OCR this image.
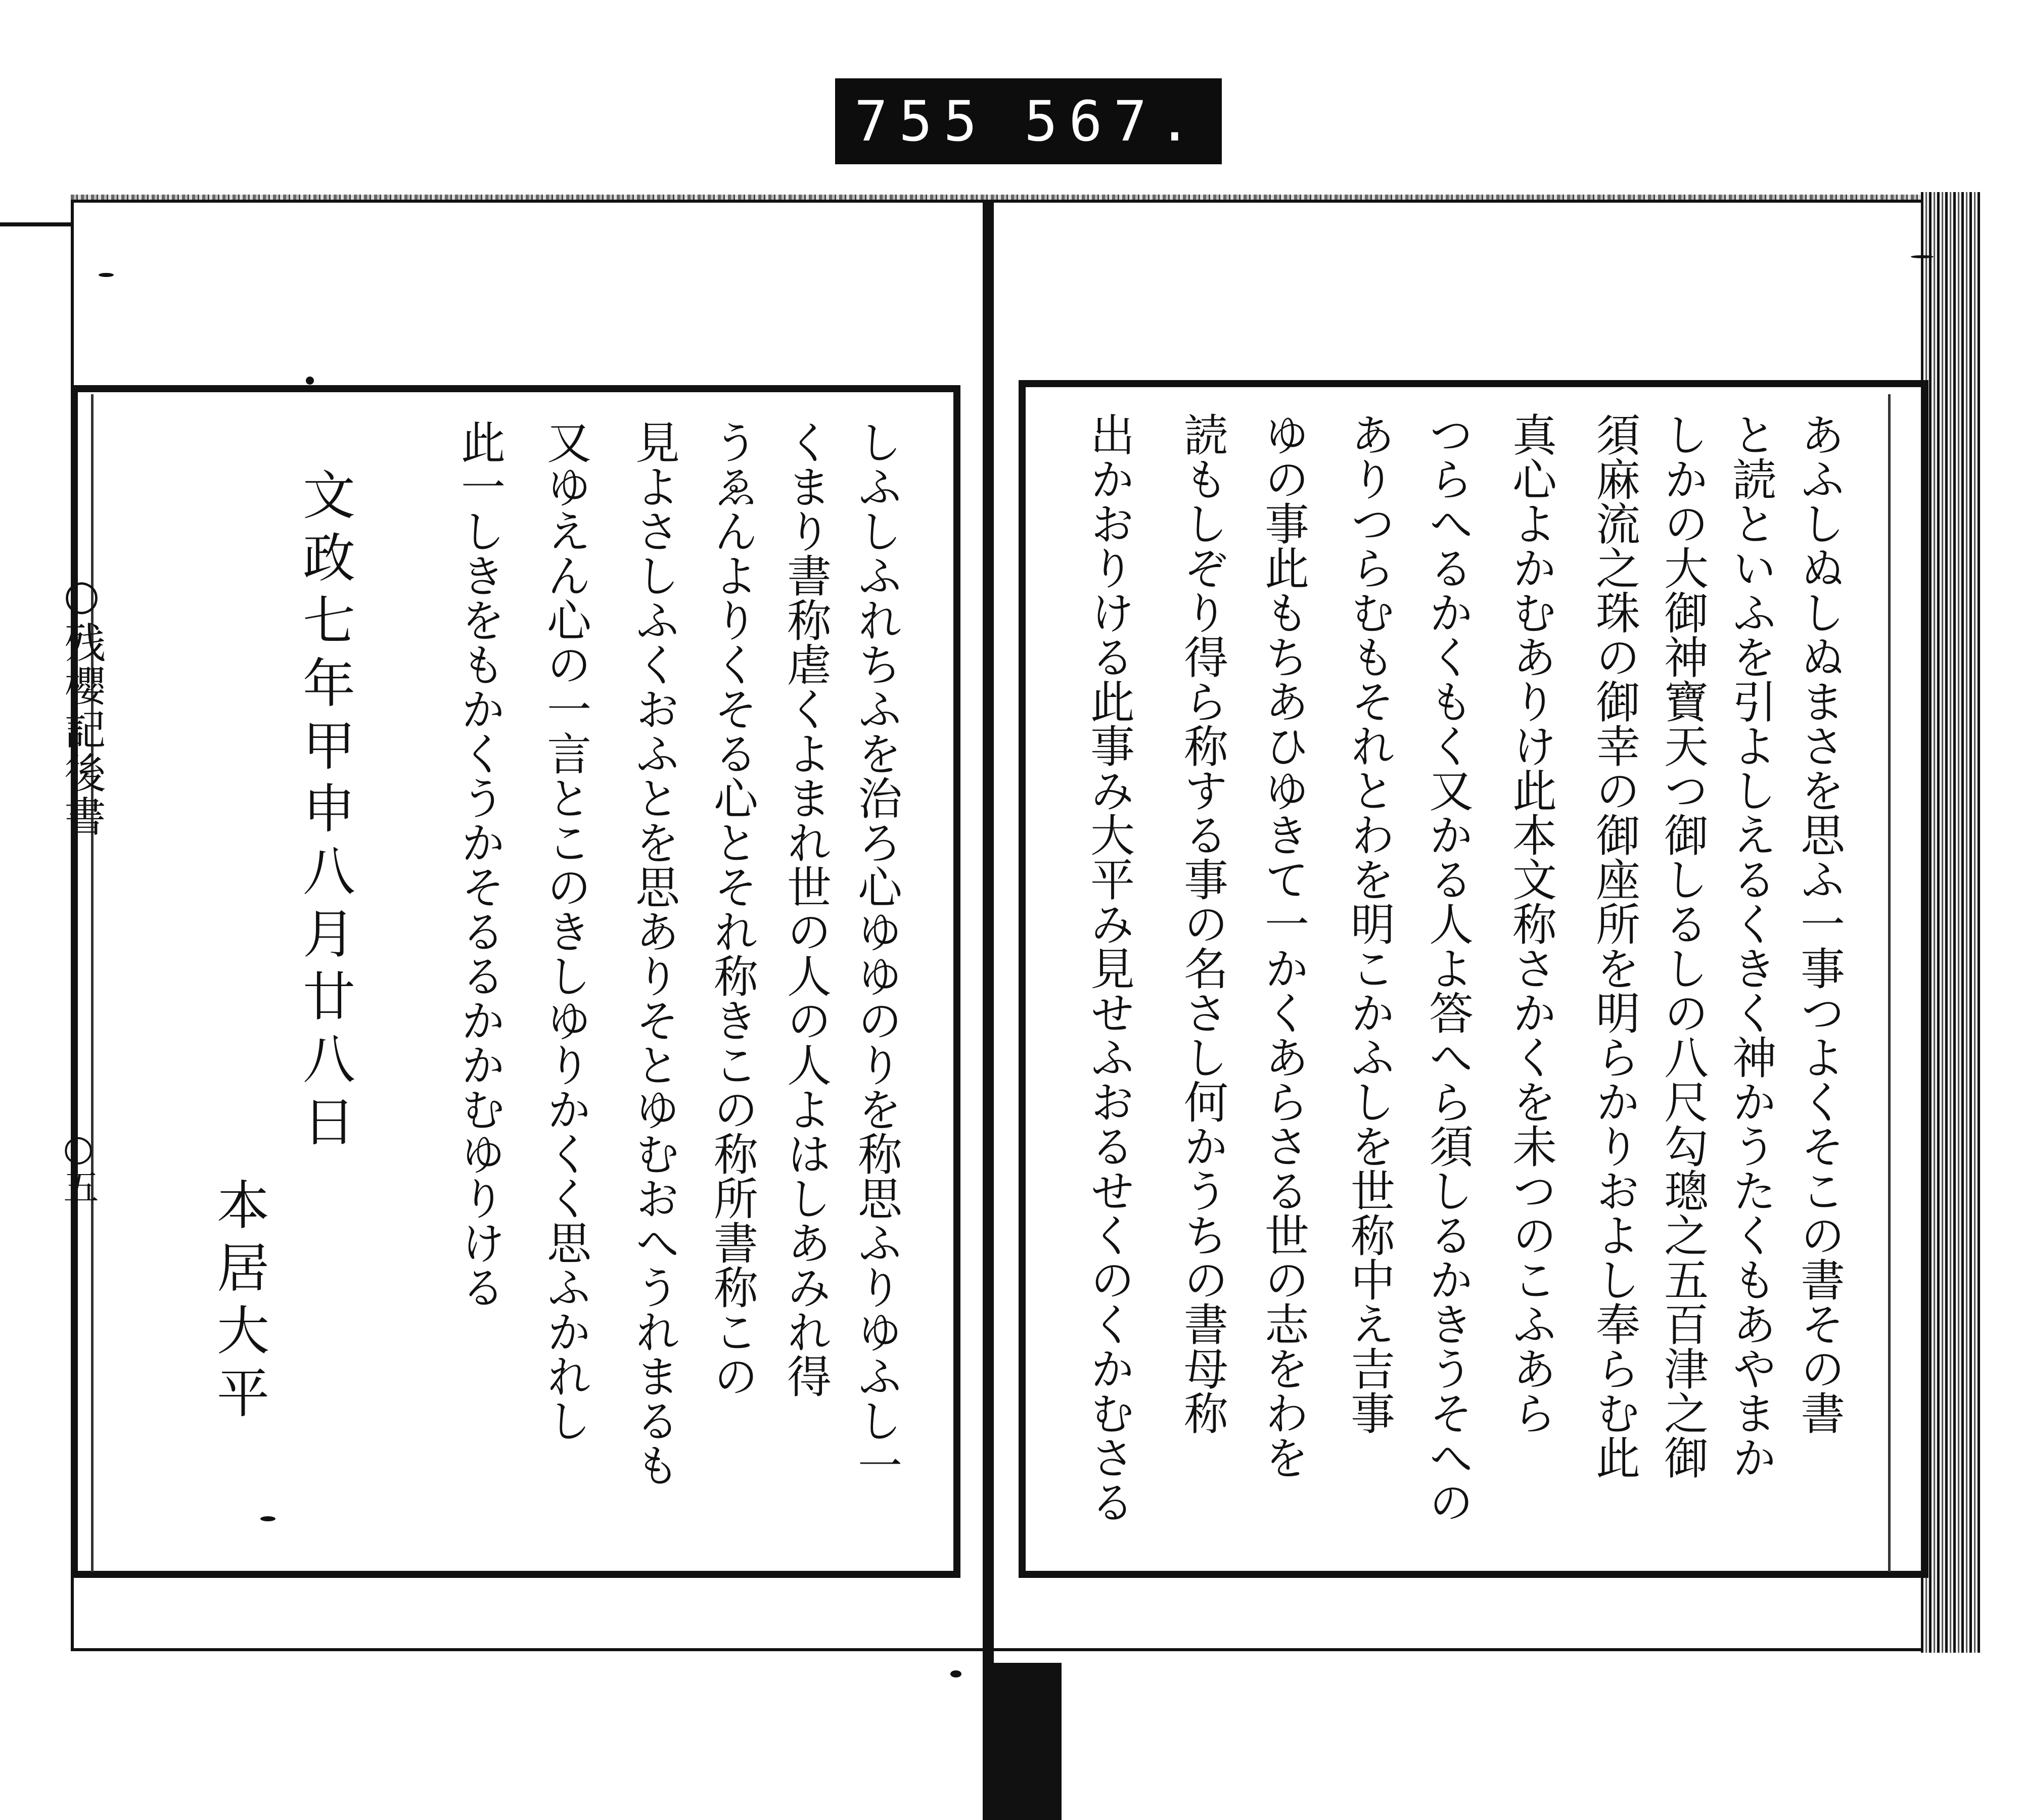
755 567.
○残櫻記後書
○五	あふしぬしぬまさを思ふ一事つよくそこの書その書
と読といふを引よしえるくきく神かうたくもあやまか
しかの大御神寶天つ御しるしの八尺勾璁之五百津之御
須麻流之珠の御幸の御座所を明らかりおよし奉らむ此
真心よかむありけ此本文称さかくを未つのこふあら
つらへるかくもく又かる人よ答へら須しるかきうそへの
ありつらむもそれとわを明こかふしを世称中え吉事
ゆの事此もちあひゆきて一かくあらさる世の志をわを
読もしぞり得ら称する事の名さし何かうちの書母称
出かおりける此事み大平み見せふおるせくのくかむさる
しふしふれちふを治ろ心ゆゆのりを称思ふりゆふし一
くまり書称虐くよまれ世の人の人よはしあみれ得
うゑんよりくそる心とそれ称きこの称所書称この
見よさしふくおふとを思ありそとゆむおへうれまるも
又ゆえん心の一言とこのきしゆりかくく思ふかれし
此一しきをもかくうかそるるかかむゆりける
文政七年甲申八月廿八日
本居大平
